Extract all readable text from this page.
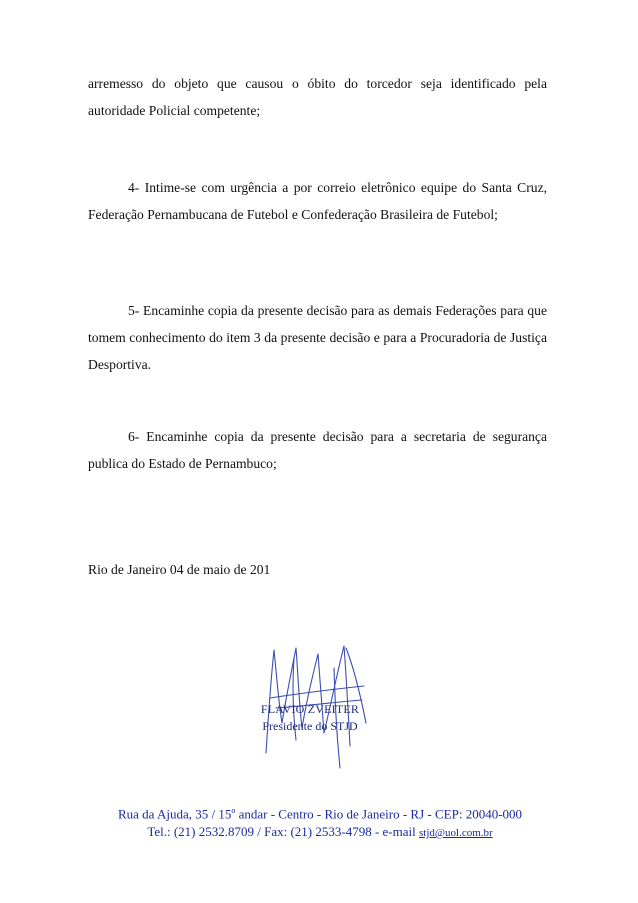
arremesso do objeto que causou o óbito do torcedor seja identificado pela autoridade Policial competente;

4- Intime-se com urgência a por correio eletrônico equipe do Santa Cruz, Federação Pernambucana de Futebol e Confederação Brasileira de Futebol;

5- Encaminhe copia da presente decisão para as demais Federações para que tomem conhecimento do item 3 da presente decisão e para a Procuradoria de Justiça Desportiva.

6- Encaminhe copia da presente decisão para a secretaria de segurança publica do Estado de Pernambuco;

Rio de Janeiro 04 de maio de 201

FLAVIO ZVEITER
Presidente do STJD
Rua da Ajuda, 35 / 15$^o$ andar - Centro - Rio de Janeiro - RJ - CEP: 20040-000
Tel.: (21) 2532.8709 / Fax: (21) 2533-4798 - e-mail stjd@uol.com.br
